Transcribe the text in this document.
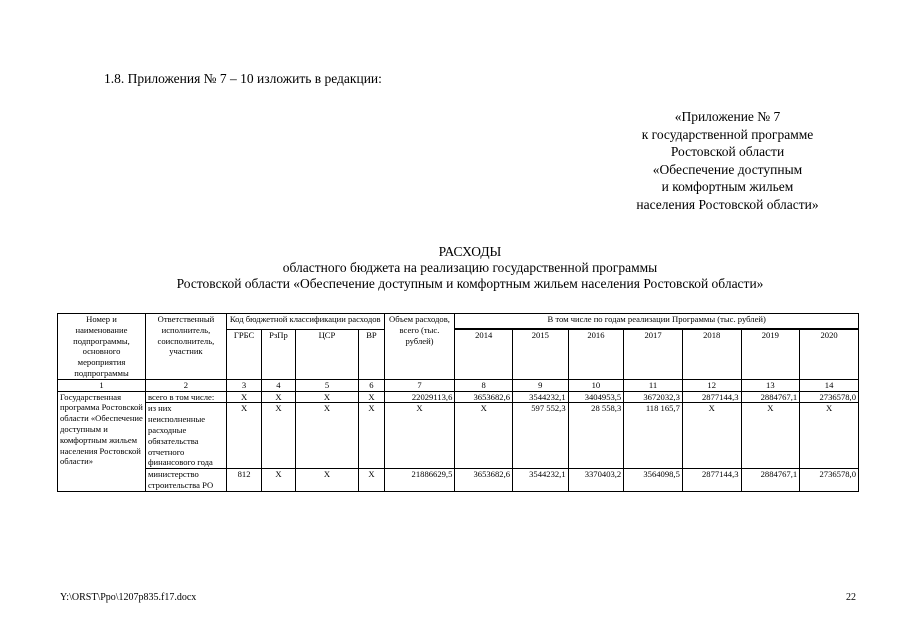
1.8. Приложения № 7 – 10 изложить в редакции:
«Приложение № 7
к государственной программе
Ростовской области
«Обеспечение доступным
и комфортным жильем
населения Ростовской области»
РАСХОДЫ
областного бюджета на реализацию государственной программы
Ростовской области «Обеспечение доступным и комфортным жильем населения Ростовской области»
Номер и наименование подпрограммы, основного мероприятия подпрограммы	Ответственный исполнитель, соисполнитель, участник	Код бюджетной классификации расходов				Объем расходов, всего (тыс. рублей)	В том числе по годам реализации Программы (тыс. рублей)						

		ГРБС	РзПр	ЦСР	ВР		2014	2015	2016	2017	2018	2019	2020
1	2	3	4	5	6	7	8	9	10	11	12	13	14
Государственная программа Ростовской области «Обеспечение доступным и комфортным жильем населения Ростовской области»	всего в том числе:	X	X	X	X	22029113,6	3653682,6	3544232,1	3404953,5	3672032,3	2877144,3	2884767,1	2736578,0
	из них неисполненные расходные обязательства отчетного финансового года	X	X	X	X	X	X	597 552,3	28 558,3	118 165,7	X	X	X
	министерство строительства РО	812	X	X	X	21886629,5	3653682,6	3544232,1	3370403,2	3564098,5	2877144,3	2884767,1	2736578,0
Y:\ORST\Ppo\1207p835.f17.docx	22
